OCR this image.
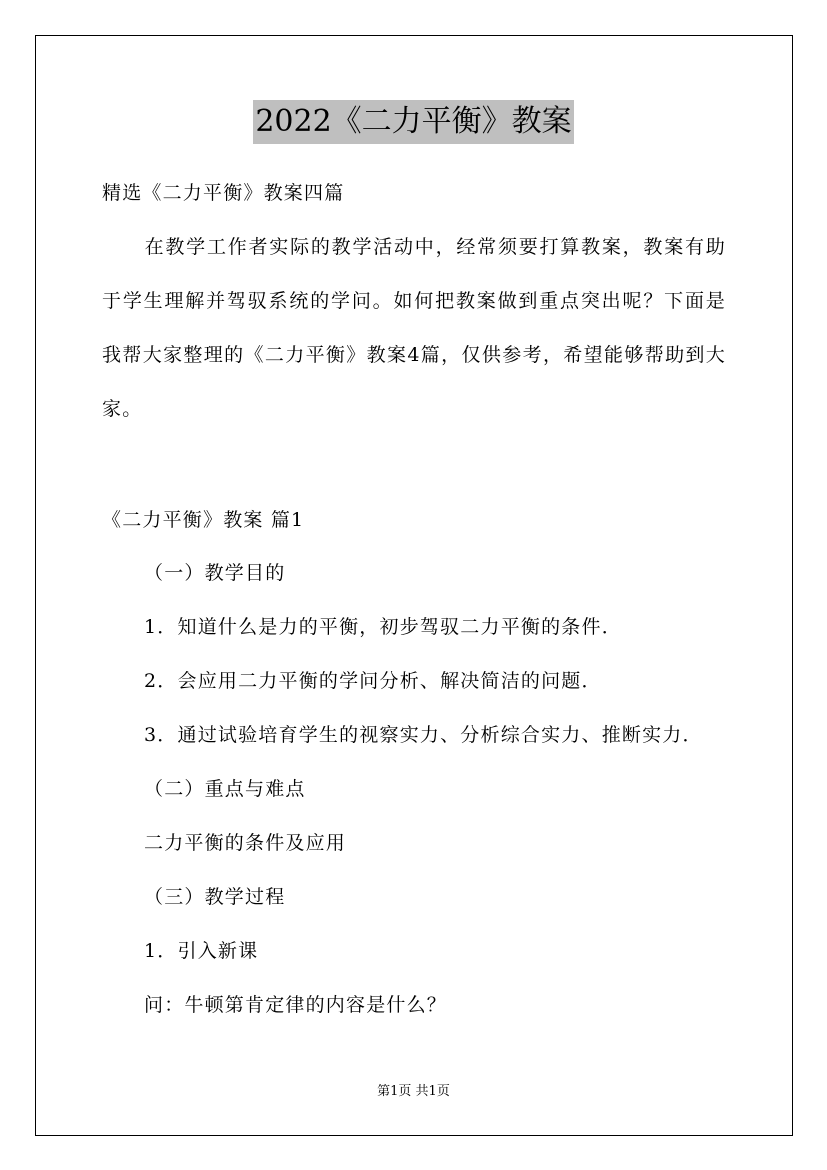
2022《二力平衡》教案
精选《二力平衡》教案四篇
在教学工作者实际的教学活动中，经常须要打算教案，教案有助于学生理解并驾驭系统的学问。如何把教案做到重点突出呢？下面是我帮大家整理的《二力平衡》教案4篇，仅供参考，希望能够帮助到大家。
《二力平衡》教案 篇1
（一）教学目的
1．知道什么是力的平衡，初步驾驭二力平衡的条件．
2．会应用二力平衡的学问分析、解决简洁的问题．
3．通过试验培育学生的视察实力、分析综合实力、推断实力．
（二）重点与难点
二力平衡的条件及应用
（三）教学过程
1．引入新课
问：牛顿第肯定律的内容是什么？
第1页 共1页
